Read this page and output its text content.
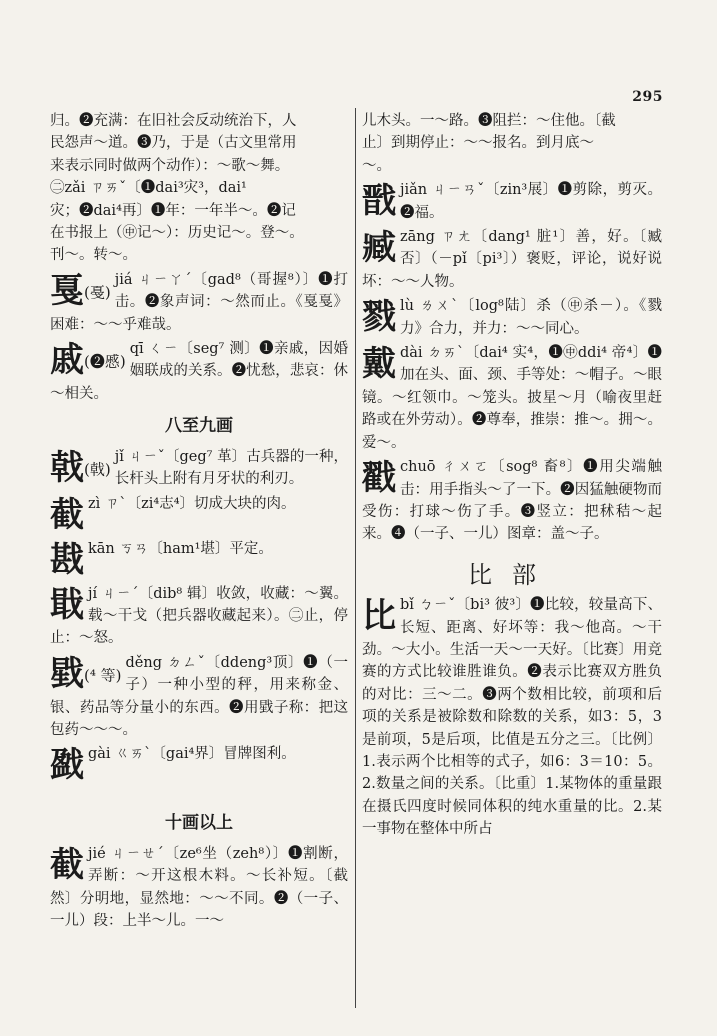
295

归。❷充满：在旧社会反动统治下，人

民怨声～道。❸乃，于是（古文里常用

来表示同时做两个动作）：～歌～舞。

㊁zǎi ㄗㄞˇ〔❶dai³灾³，dai¹

灾；❷dai⁴再〕❶年：一年半～。❷记

在书报上（㊥记～）：历史记～。登～。

刊～。转～。

戛(戞)

jiá ㄐㄧㄚˊ〔gad⁸（哥握⁸）〕❶打击。❷象声词：～然而止。《戛戛》困难：～～乎难哉。

戚(❷慼)

qī ㄑㄧ〔seg⁷ 测〕❶亲戚，因婚姻联成的关系。❷忧愁，悲哀：休～相关。

八至九画
戟(戟)

jǐ ㄐㄧˇ〔geg⁷ 革〕古兵器的一种，长杆头上附有月牙状的利刃。

截 zì ㄗˋ〔zi⁴志⁴〕切成大块的肉。

戡 kān ㄎㄢ〔ham¹堪〕平定。

戢 jí ㄐㄧˊ〔dib⁸ 辑〕收敛，收藏：～翼。载～干戈（把兵器收藏起来）。㊁止，停止：～怒。

戥(⁴ 等)

děng ㄉㄥˇ〔ddeng³顶〕❶（一子）一种小型的秤，用来称金、银、药品等分量小的东西。❷用戥子称：把这包药～～～。

戤 gài ㄍㄞˋ〔gai⁴界〕冒牌图利。

十画以上
截 jié ㄐㄧㄝˊ〔ze⁶坐（zeh⁸）〕❶割断，弄断：～开这根木料。～长补短。〔截然〕分明地，显然地：～～不同。❷（一子、一儿）段：上半～儿。一～

儿木头。一～路。❸阻拦：～住他。〔截

止〕到期停止：～～报名。到月底～

～。

戬 jiǎn ㄐㄧㄢˇ〔zin³展〕❶剪除，剪灭。❷福。

臧 zāng ㄗㄤ〔dang¹ 脏¹〕善，好。〔臧否〕（－pǐ〔pi³〕）褒贬，评论，说好说坏：～～人物。

戮 lù ㄌㄨˋ〔log⁸陆〕杀（㊥杀－）。《戮力》合力，并力：～～同心。

戴 dài ㄉㄞˋ〔dai⁴ 实⁴，❶㊥ddi⁴ 帝⁴〕❶加在头、面、颈、手等处：～帽子。～眼镜。～红领巾。～笼头。披星～月（喻夜里赶路或在外劳动）。❷尊奉，推崇：推～。拥～。爱～。

戳 chuō ㄔㄨㄛ〔sog⁸ 畜⁸〕❶用尖端触击：用手指头～了一下。❷因猛触硬物而受伤：打球～伤了手。❸竖立：把秫秸～起来。❹（一子、一儿）图章：盖～子。

比部
比 bǐ ㄅㄧˇ〔bi³ 彼³〕❶比较，较量高下、长短、距离、好坏等：我～他高。～干劲。～大小。生活一天～一天好。〔比赛〕用竞赛的方式比较谁胜谁负。❷表示比赛双方胜负的对比：三～二。❸两个数相比较，前项和后项的关系是被除数和除数的关系，如3：5，3是前项，5是后项，比值是五分之三。〔比例〕1.表示两个比相等的式子，如6：3＝10：5。2.数量之间的关系。〔比重〕1.某物体的重量跟在摄氏四度时候同体积的纯水重量的比。2.某一事物在整体中所占
